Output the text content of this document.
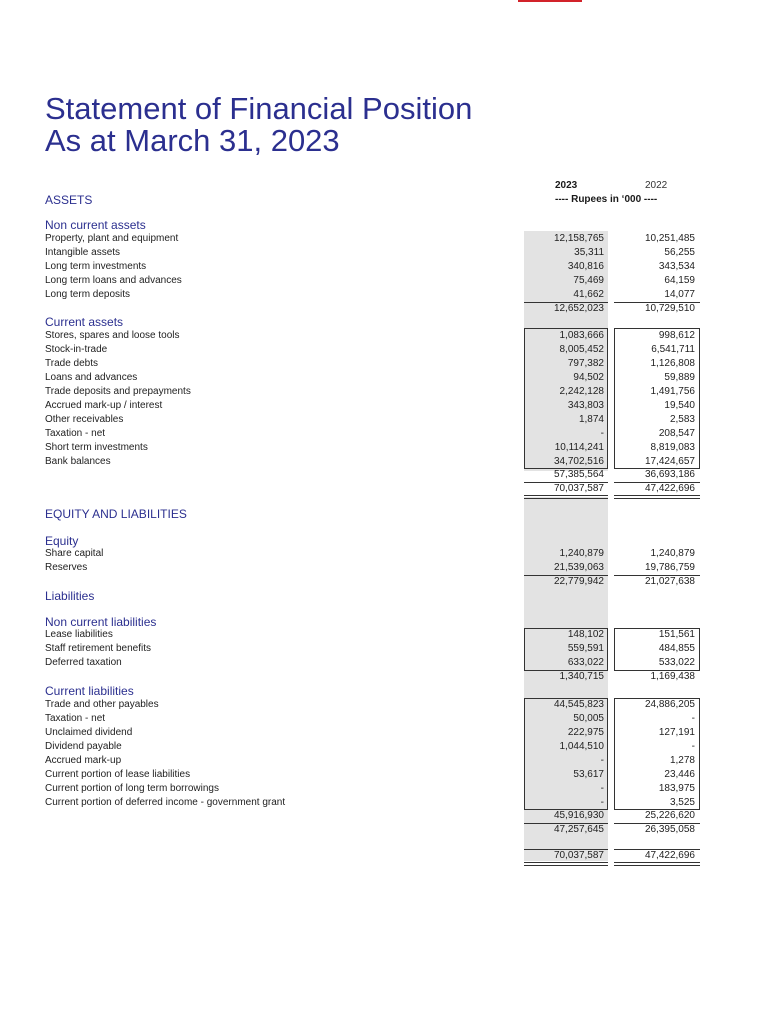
Statement of Financial Position
As at March 31, 2023
2023	2022
---- Rupees in ‘000 ----
ASSETS
Non current assets
Current assets
EQUITY AND LIABILITIES
Equity
Liabilities
Non current liabilities
Current liabilities
Property, plant and equipment	12,158,765	10,251,485
Intangible assets	35,311	56,255
Long term investments	340,816	343,534
Long term loans and advances	75,469	64,159
Long term deposits	41,662	14,077
12,652,023	10,729,510
Stores, spares and loose tools	1,083,666	998,612
Stock-in-trade	8,005,452	6,541,711
Trade debts	797,382	1,126,808
Loans and advances	94,502	59,889
Trade deposits and prepayments	2,242,128	1,491,756
Accrued mark-up / interest	343,803	19,540
Other receivables	1,874	2,583
Taxation - net	-	208,547
Short term investments	10,114,241	8,819,083
Bank balances	34,702,516	17,424,657
57,385,564	36,693,186
70,037,587	47,422,696
Share capital	1,240,879	1,240,879
Reserves	21,539,063	19,786,759
22,779,942	21,027,638
Lease liabilities	148,102	151,561
Staff retirement benefits	559,591	484,855
Deferred taxation	633,022	533,022
1,340,715	1,169,438
Trade and other payables	44,545,823	24,886,205
Taxation - net	50,005	-
Unclaimed dividend	222,975	127,191
Dividend payable	1,044,510	-
Accrued mark-up	-	1,278
Current portion of lease liabilities	53,617	23,446
Current portion of long term borrowings	-	183,975
Current portion of deferred income - government grant	-	3,525
45,916,930	25,226,620
47,257,645	26,395,058
70,037,587	47,422,696
